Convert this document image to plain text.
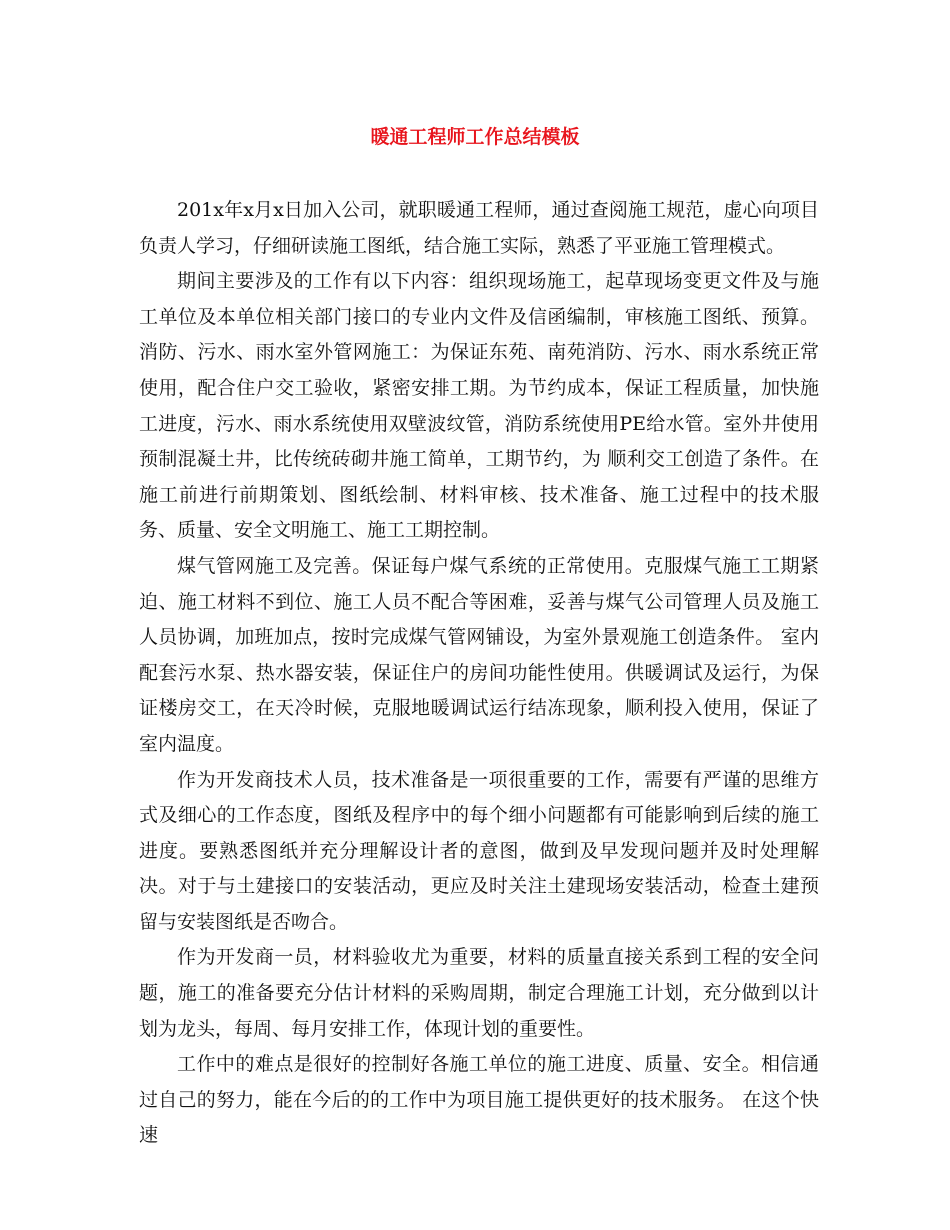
暖通工程师工作总结模板

201x年x月x日加入公司，就职暖通工程师，通过查阅施工规范，虚心向项目负责人学习，仔细研读施工图纸，结合施工实际，熟悉了平亚施工管理模式。

期间主要涉及的工作有以下内容：组织现场施工，起草现场变更文件及与施工单位及本单位相关部门接口的专业内文件及信函编制，审核施工图纸、预算。 消防、污水、雨水室外管网施工：为保证东苑、南苑消防、污水、雨水系统正常使用，配合住户交工验收，紧密安排工期。为节约成本，保证工程质量，加快施工进度，污水、雨水系统使用双壁波纹管，消防系统使用PE给水管。室外井使用预制混凝土井，比传统砖砌井施工简单，工期节约，为 顺利交工创造了条件。在施工前进行前期策划、图纸绘制、材料审核、技术准备、施工过程中的技术服务、质量、安全文明施工、施工工期控制。

煤气管网施工及完善。保证每户煤气系统的正常使用。克服煤气施工工期紧迫、施工材料不到位、施工人员不配合等困难，妥善与煤气公司管理人员及施工人员协调，加班加点，按时完成煤气管网铺设，为室外景观施工创造条件。 室内配套污水泵、热水器安装，保证住户的房间功能性使用。供暖调试及运行，为保证楼房交工，在天冷时候，克服地暖调试运行结冻现象，顺利投入使用，保证了室内温度。

作为开发商技术人员，技术准备是一项很重要的工作，需要有严谨的思维方式及细心的工作态度，图纸及程序中的每个细小问题都有可能影响到后续的施工进度。要熟悉图纸并充分理解设计者的意图，做到及早发现问题并及时处理解决。对于与土建接口的安装活动，更应及时关注土建现场安装活动，检查土建预留与安装图纸是否吻合。

作为开发商一员，材料验收尤为重要，材料的质量直接关系到工程的安全问题，施工的准备要充分估计材料的采购周期，制定合理施工计划，充分做到以计划为龙头，每周、每月安排工作，体现计划的重要性。

工作中的难点是很好的控制好各施工单位的施工进度、质量、安全。相信通过自己的努力，能在今后的的工作中为项目施工提供更好的技术服务。 在这个快速
